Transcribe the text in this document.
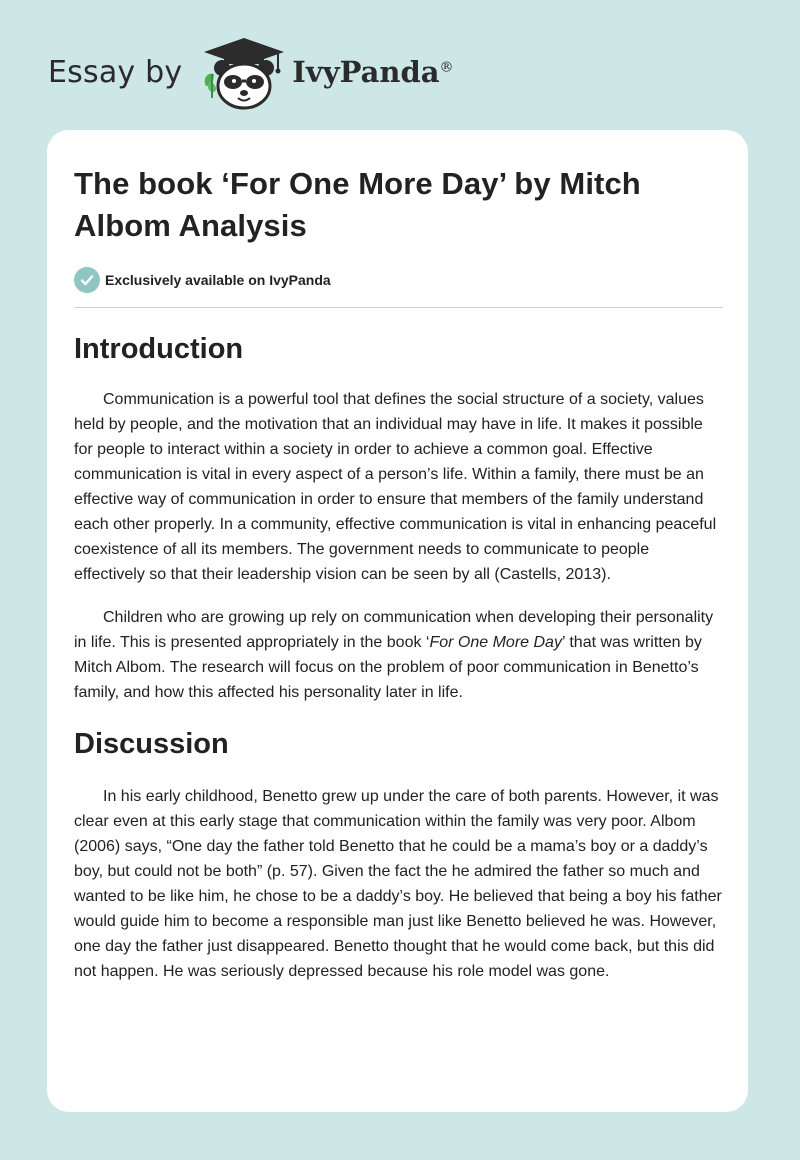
Essay by	IvyPanda®
The book ‘For One More Day’ by Mitch Albom Analysis
Exclusively available on IvyPanda
Introduction

Communication is a powerful tool that defines the social structure of a society, values held by people, and the motivation that an individual may have in life. It makes it possible for people to interact within a society in order to achieve a common goal. Effective communication is vital in every aspect of a person’s life. Within a family, there must be an effective way of communication in order to ensure that members of the family understand each other properly. In a community, effective communication is vital in enhancing peaceful coexistence of all its members. The government needs to communicate to people effectively so that their leadership vision can be seen by all (Castells, 2013).

Children who are growing up rely on communication when developing their personality in life. This is presented appropriately in the book ‘For One More Day’ that was written by Mitch Albom. The research will focus on the problem of poor communication in Benetto’s family, and how this affected his personality later in life.

Discussion

In his early childhood, Benetto grew up under the care of both parents. However, it was clear even at this early stage that communication within the family was very poor. Albom (2006) says, “One day the father told Benetto that he could be a mama’s boy or a daddy’s boy, but could not be both” (p. 57). Given the fact the he admired the father so much and wanted to be like him, he chose to be a daddy’s boy. He believed that being a boy his father would guide him to become a responsible man just like Benetto believed he was. However, one day the father just disappeared. Benetto thought that he would come back, but this did not happen. He was seriously depressed because his role model was gone.
